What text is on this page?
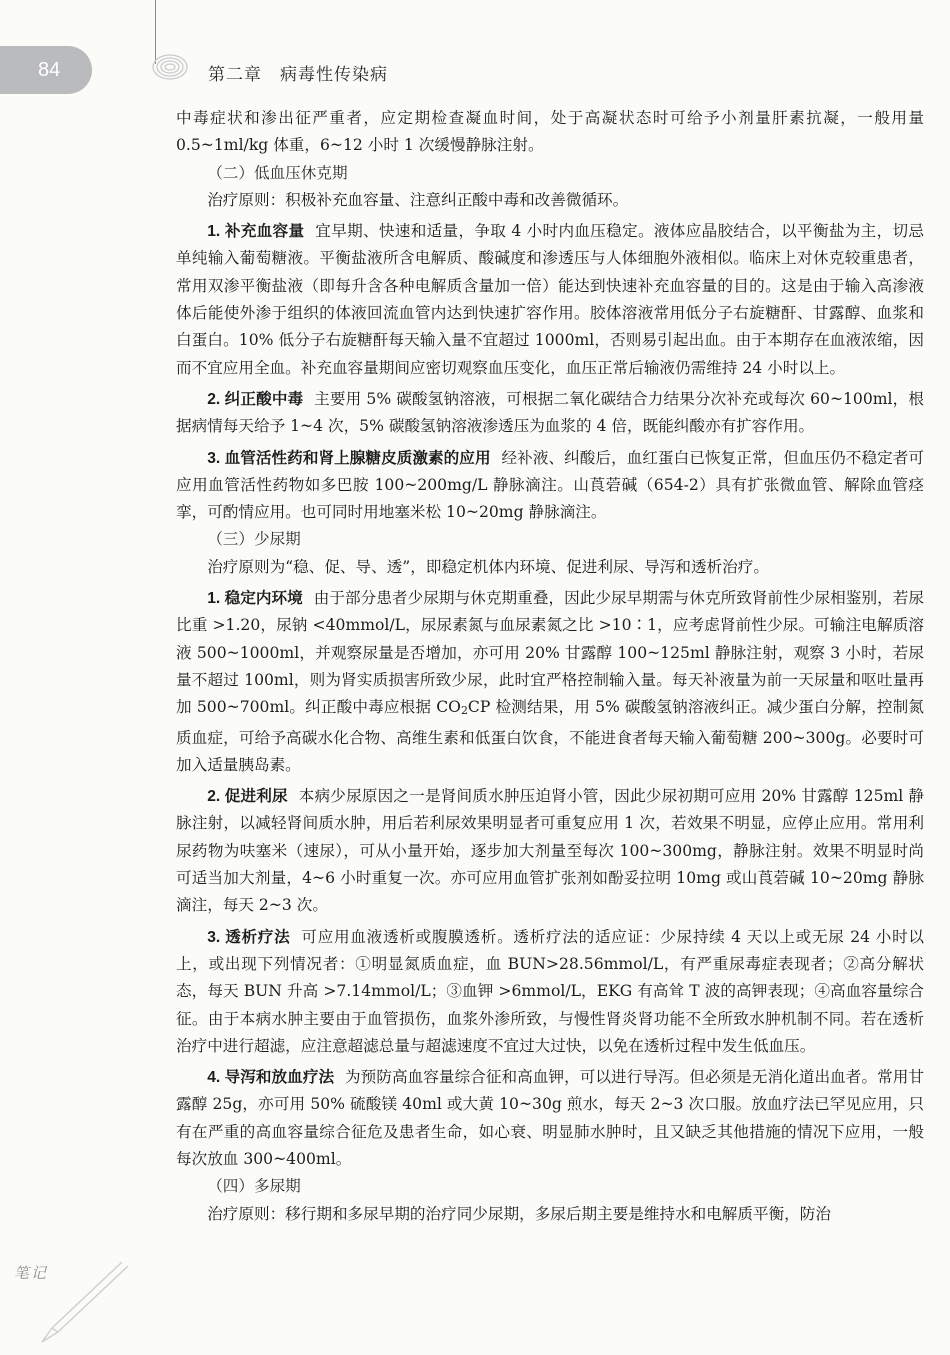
84	第二章　病毒性传染病

中毒症状和渗出征严重者，应定期检查凝血时间，处于高凝状态时可给予小剂量肝素抗凝，一般用量 0.5~1ml/kg 体重，6~12 小时 1 次缓慢静脉注射。

（二）低血压休克期

治疗原则：积极补充血容量、注意纠正酸中毒和改善微循环。

1. 补充血容量 宜早期、快速和适量，争取 4 小时内血压稳定。液体应晶胶结合，以平衡盐为主，切忌单纯输入葡萄糖液。平衡盐液所含电解质、酸碱度和渗透压与人体细胞外液相似。临床上对休克较重患者，常用双渗平衡盐液（即每升含各种电解质含量加一倍）能达到快速补充血容量的目的。这是由于输入高渗液体后能使外渗于组织的体液回流血管内达到快速扩容作用。胶体溶液常用低分子右旋糖酐、甘露醇、血浆和白蛋白。10% 低分子右旋糖酐每天输入量不宜超过 1000ml，否则易引起出血。由于本期存在血液浓缩，因而不宜应用全血。补充血容量期间应密切观察血压变化，血压正常后输液仍需维持 24 小时以上。

2. 纠正酸中毒 主要用 5% 碳酸氢钠溶液，可根据二氧化碳结合力结果分次补充或每次 60~100ml，根据病情每天给予 1~4 次，5% 碳酸氢钠溶液渗透压为血浆的 4 倍，既能纠酸亦有扩容作用。

3. 血管活性药和肾上腺糖皮质激素的应用 经补液、纠酸后，血红蛋白已恢复正常，但血压仍不稳定者可应用血管活性药物如多巴胺 100~200mg/L 静脉滴注。山莨菪碱（654-2）具有扩张微血管、解除血管痉挛，可酌情应用。也可同时用地塞米松 10~20mg 静脉滴注。

（三）少尿期

治疗原则为“稳、促、导、透”，即稳定机体内环境、促进利尿、导泻和透析治疗。

1. 稳定内环境 由于部分患者少尿期与休克期重叠，因此少尿早期需与休克所致肾前性少尿相鉴别，若尿比重 >1.20，尿钠 <40mmol/L，尿尿素氮与血尿素氮之比 >10∶1，应考虑肾前性少尿。可输注电解质溶液 500~1000ml，并观察尿量是否增加，亦可用 20% 甘露醇 100~125ml 静脉注射，观察 3 小时，若尿量不超过 100ml，则为肾实质损害所致少尿，此时宜严格控制输入量。每天补液量为前一天尿量和呕吐量再加 500~700ml。纠正酸中毒应根据 CO2CP 检测结果，用 5% 碳酸氢钠溶液纠正。减少蛋白分解，控制氮质血症，可给予高碳水化合物、高维生素和低蛋白饮食，不能进食者每天输入葡萄糖 200~300g。必要时可加入适量胰岛素。

2. 促进利尿 本病少尿原因之一是肾间质水肿压迫肾小管，因此少尿初期可应用 20% 甘露醇 125ml 静脉注射，以减轻肾间质水肿，用后若利尿效果明显者可重复应用 1 次，若效果不明显，应停止应用。常用利尿药物为呋塞米（速尿），可从小量开始，逐步加大剂量至每次 100~300mg，静脉注射。效果不明显时尚可适当加大剂量，4~6 小时重复一次。亦可应用血管扩张剂如酚妥拉明 10mg 或山莨菪碱 10~20mg 静脉滴注，每天 2~3 次。

3. 透析疗法 可应用血液透析或腹膜透析。透析疗法的适应证：少尿持续 4 天以上或无尿 24 小时以上，或出现下列情况者：①明显氮质血症，血 BUN>28.56mmol/L，有严重尿毒症表现者；②高分解状态，每天 BUN 升高 >7.14mmol/L；③血钾 >6mmol/L，EKG 有高耸 T 波的高钾表现；④高血容量综合征。由于本病水肿主要由于血管损伤，血浆外渗所致，与慢性肾炎肾功能不全所致水肿机制不同。若在透析治疗中进行超滤，应注意超滤总量与超滤速度不宜过大过快，以免在透析过程中发生低血压。

4. 导泻和放血疗法 为预防高血容量综合征和高血钾，可以进行导泻。但必须是无消化道出血者。常用甘露醇 25g，亦可用 50% 硫酸镁 40ml 或大黄 10~30g 煎水，每天 2~3 次口服。放血疗法已罕见应用，只有在严重的高血容量综合征危及患者生命，如心衰、明显肺水肿时，且又缺乏其他措施的情况下应用，一般每次放血 300~400ml。

（四）多尿期

治疗原则：移行期和多尿早期的治疗同少尿期，多尿后期主要是维持水和电解质平衡，防治

笔记
